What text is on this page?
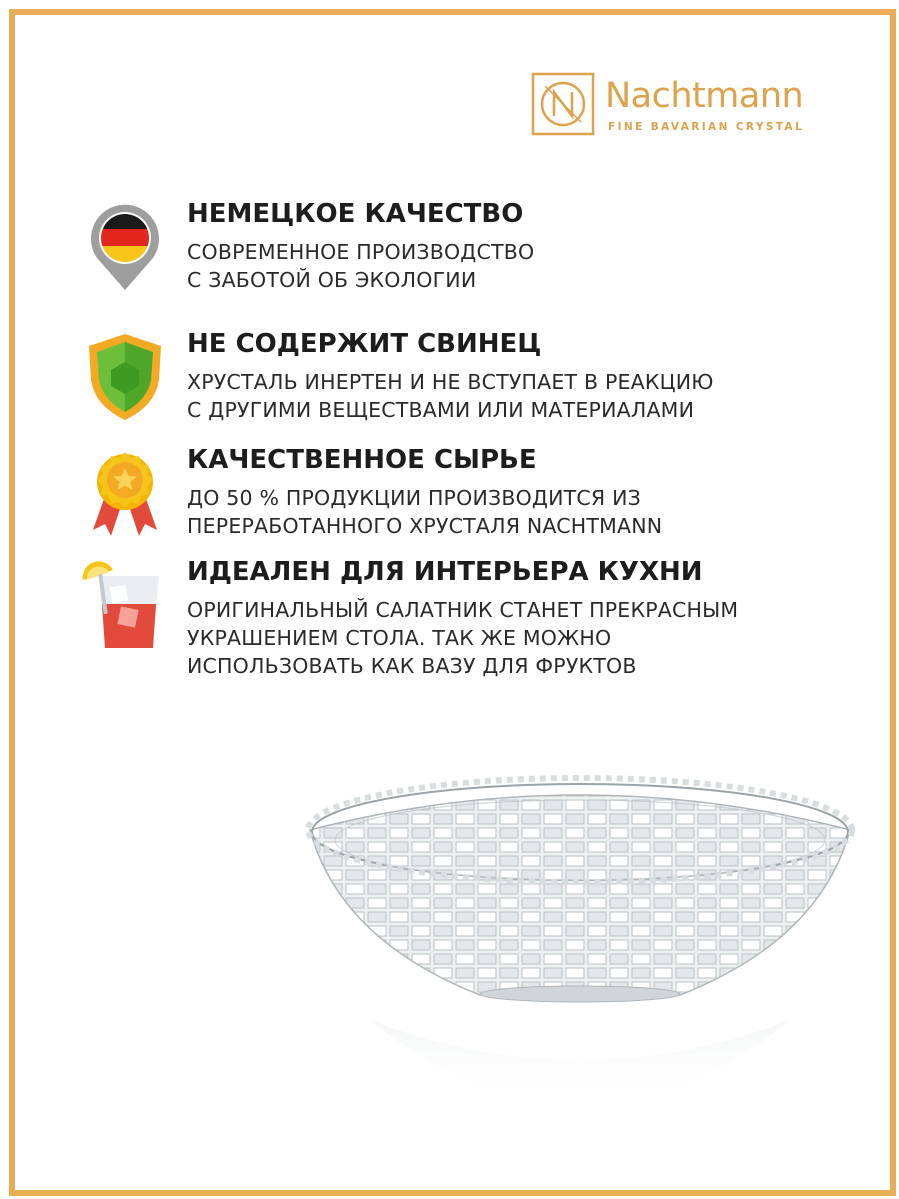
Nachtmann
FINE BAVARIAN CRYSTAL
НЕМЕЦКОЕ КАЧЕСТВО
СОВРЕМЕННОЕ ПРОИЗВОДСТВО
С ЗАБОТОЙ ОБ ЭКОЛОГИИ
НЕ СОДЕРЖИТ СВИНЕЦ
ХРУСТАЛЬ ИНЕРТЕН И НЕ ВСТУПАЕТ В РЕАКЦИЮ
С ДРУГИМИ ВЕЩЕСТВАМИ ИЛИ МАТЕРИАЛАМИ
КАЧЕСТВЕННОЕ СЫРЬЕ
ДО 50 % ПРОДУКЦИИ ПРОИЗВОДИТСЯ ИЗ
ПЕРЕРАБОТАННОГО ХРУСТАЛЯ NACHTMANN
ИДЕАЛЕН ДЛЯ ИНТЕРЬЕРА КУХНИ
ОРИГИНАЛЬНЫЙ САЛАТНИК СТАНЕТ ПРЕКРАСНЫМ
УКРАШЕНИЕМ СТОЛА. ТАК ЖЕ МОЖНО
ИСПОЛЬЗОВАТЬ КАК ВАЗУ ДЛЯ ФРУКТОВ
